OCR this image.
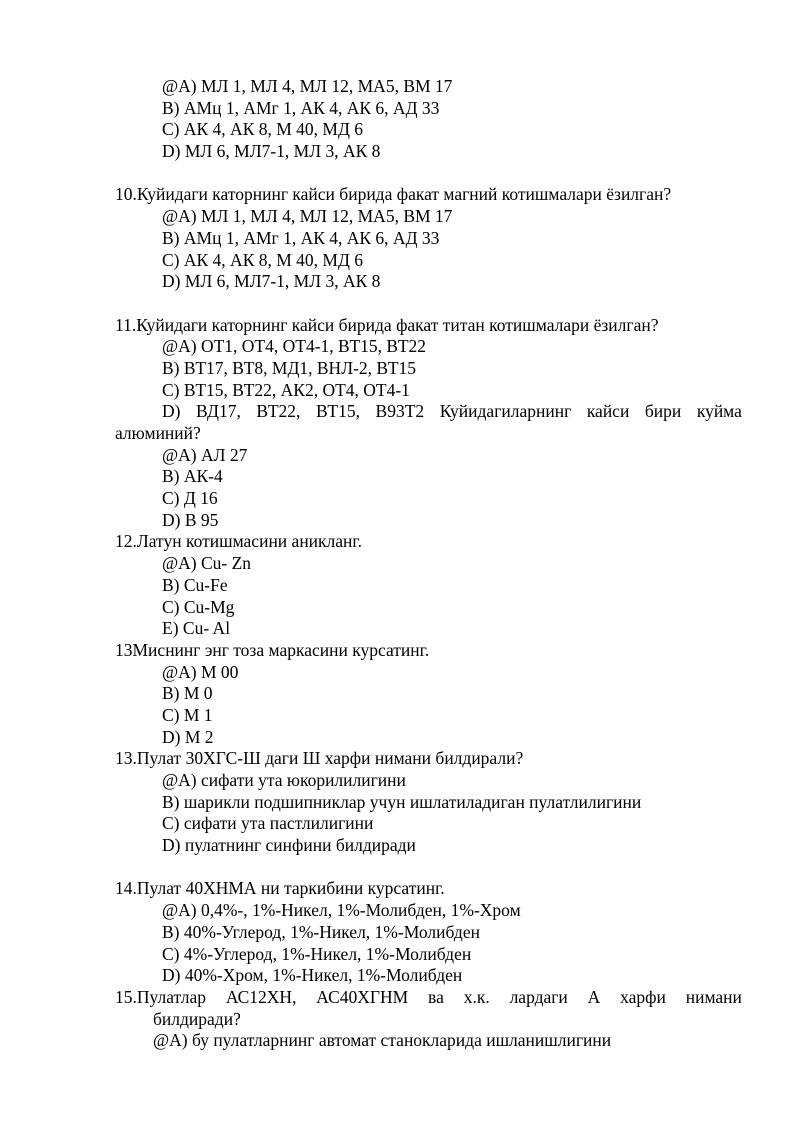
@A) МЛ 1, МЛ 4, МЛ 12, МА5, ВМ 17
B) АМц 1, АМг 1, АК 4, АК 6, АД 33
C) АК 4, АК 8, М 40, МД 6
D) МЛ 6, МЛ7-1, МЛ 3, АК 8
10.Куйидаги каторнинг кайси бирида факат магний котишмалари ёзилган?
@A) МЛ 1, МЛ 4, МЛ 12, МА5, ВМ 17
B) АМц 1, АМг 1, АК 4, АК 6, АД 33
C) АК 4, АК 8, М 40, МД 6
D) МЛ 6, МЛ7-1, МЛ 3, АК 8
11.Куйидаги каторнинг кайси бирида факат титан котишмалари ёзилган?
@A) ОТ1, ОТ4, ОТ4-1, ВТ15, ВТ22
B) ВТ17, ВТ8, МД1, ВНЛ-2, ВТ15
C) ВТ15, ВТ22, АК2, ОТ4, ОТ4-1
D) ВД17, ВТ22, ВТ15, В93Т2 Куйидагиларнинг кайси бири куйма
алюминий?
@A) АЛ 27
B) АК-4
C) Д 16
D) В 95
12.Латун котишмасини аникланг.
@A) Cu- Zn
B) Cu-Fe
C) Cu-Mg
E) Cu- Al
13Миснинг энг тоза маркасини курсатинг.
@A) М 00
B) М 0
C) М 1
D) М 2
13.Пулат 30ХГС-Ш даги Ш харфи нимани билдирали?
@A) сифати ута юкорилилигини
B) шарикли подшипниклар учун ишлатиладиган пулатлилигини
C) сифати ута пастлилигини
D) пулатнинг синфини билдиради
14.Пулат 40ХНМА ни таркибини курсатинг.
@A) 0,4%-, 1%-Никел, 1%-Молибден, 1%-Хром
B) 40%-Углерод, 1%-Никел, 1%-Молибден
C) 4%-Углерод, 1%-Никел, 1%-Молибден
D) 40%-Хром, 1%-Никел, 1%-Молибден
15.Пулатлар АС12ХН, АС40ХГНМ ва х.к. лардаги А харфи нимани
билдиради?
@A) бу пулатларнинг автомат станокларида ишланишлигини
